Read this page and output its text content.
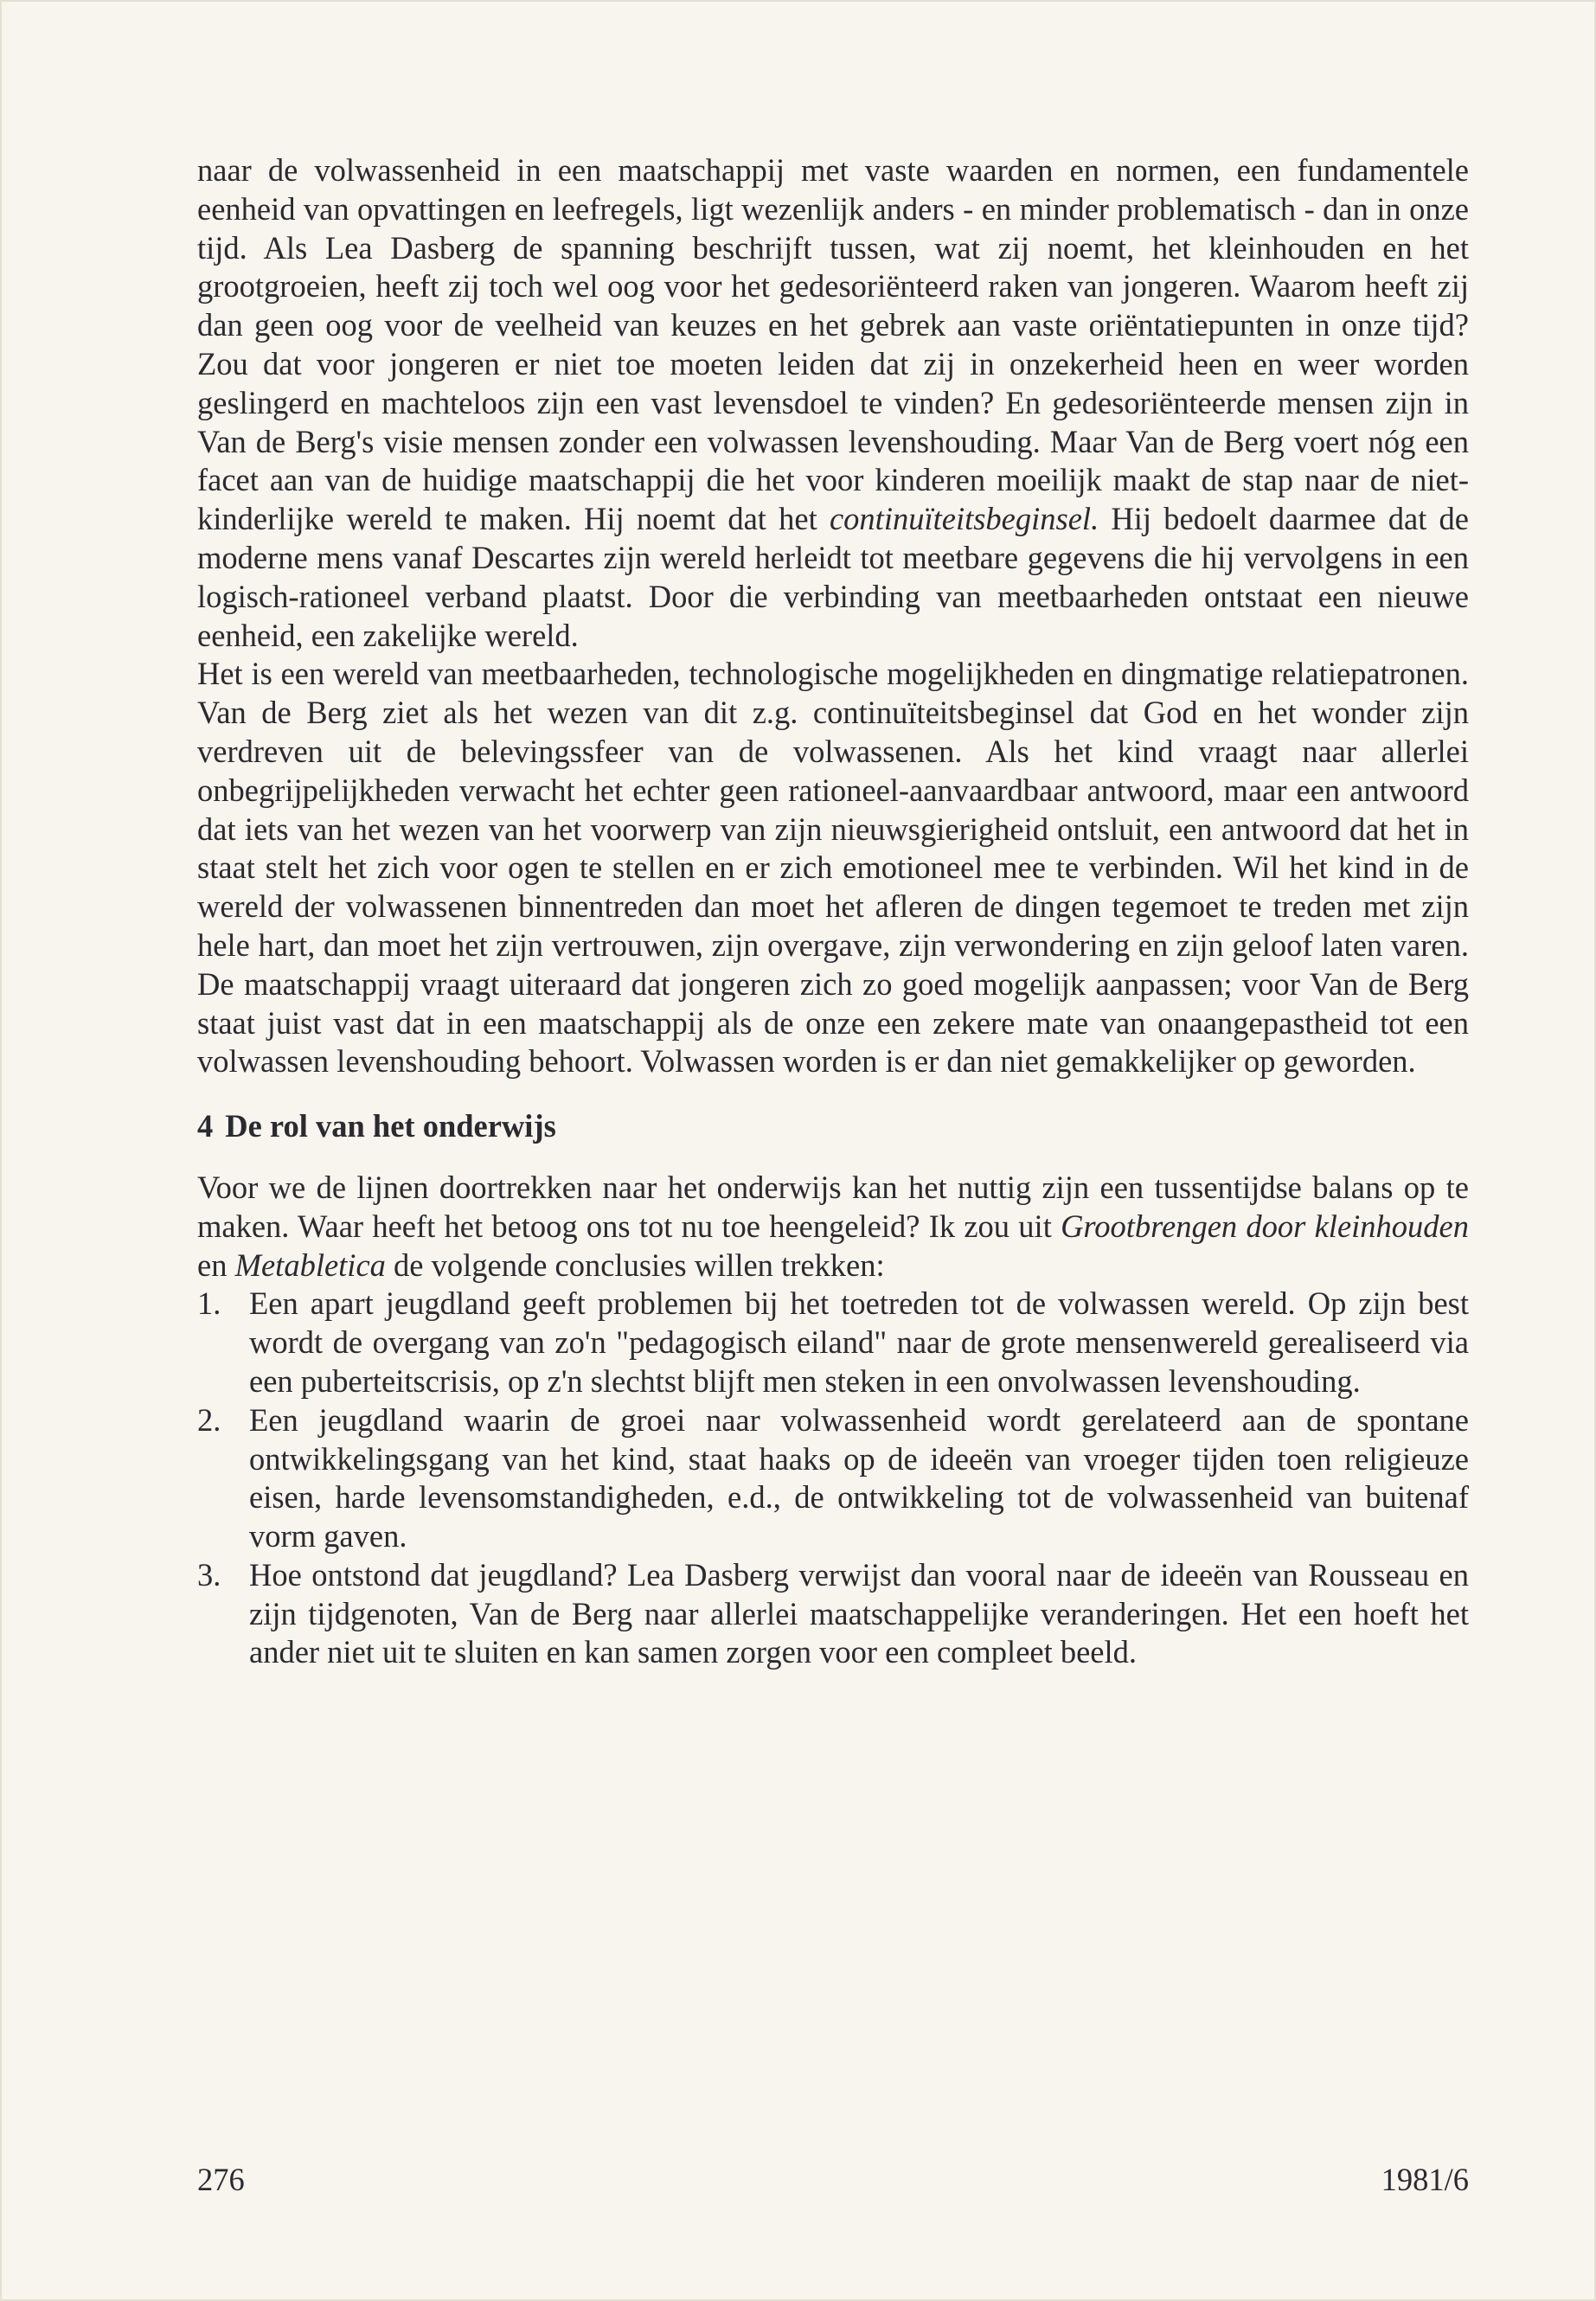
naar de volwassenheid in een maatschappij met vaste waarden en normen, een fundamentele eenheid van opvattingen en leefregels, ligt wezenlijk anders - en minder problematisch - dan in onze tijd. Als Lea Dasberg de spanning beschrijft tussen, wat zij noemt, het kleinhouden en het grootgroeien, heeft zij toch wel oog voor het gedesoriënteerd raken van jongeren. Waarom heeft zij dan geen oog voor de veelheid van keuzes en het gebrek aan vaste oriëntatiepunten in onze tijd? Zou dat voor jongeren er niet toe moeten leiden dat zij in onzekerheid heen en weer worden geslingerd en machteloos zijn een vast levensdoel te vinden? En gedesoriënteerde mensen zijn in Van de Berg's visie mensen zonder een volwassen levenshouding. Maar Van de Berg voert nóg een facet aan van de huidige maatschappij die het voor kinderen moeilijk maakt de stap naar de niet-kinderlijke wereld te maken. Hij noemt dat het continuïteitsbeginsel. Hij bedoelt daarmee dat de moderne mens vanaf Descartes zijn wereld herleidt tot meetbare gegevens die hij vervolgens in een logisch-rationeel verband plaatst. Door die verbinding van meetbaarheden ontstaat een nieuwe eenheid, een zakelijke wereld.

Het is een wereld van meetbaarheden, technologische mogelijkheden en dingmatige relatiepatronen. Van de Berg ziet als het wezen van dit z.g. continuïteitsbeginsel dat God en het wonder zijn verdreven uit de belevingssfeer van de volwassenen. Als het kind vraagt naar allerlei onbegrijpelijkheden verwacht het echter geen rationeel-aanvaardbaar antwoord, maar een antwoord dat iets van het wezen van het voorwerp van zijn nieuwsgierigheid ontsluit, een antwoord dat het in staat stelt het zich voor ogen te stellen en er zich emotioneel mee te verbinden. Wil het kind in de wereld der volwassenen binnentreden dan moet het afleren de dingen tegemoet te treden met zijn hele hart, dan moet het zijn vertrouwen, zijn overgave, zijn verwondering en zijn geloof laten varen. De maatschappij vraagt uiteraard dat jongeren zich zo goed mogelijk aanpassen; voor Van de Berg staat juist vast dat in een maatschappij als de onze een zekere mate van onaangepastheid tot een volwassen levenshouding behoort. Volwassen worden is er dan niet gemakkelijker op geworden.

4 De rol van het onderwijs

Voor we de lijnen doortrekken naar het onderwijs kan het nuttig zijn een tussentijdse balans op te maken. Waar heeft het betoog ons tot nu toe heengeleid? Ik zou uit Grootbrengen door kleinhouden en Metabletica de volgende conclusies willen trekken:

1. Een apart jeugdland geeft problemen bij het toetreden tot de volwassen wereld. Op zijn best wordt de overgang van zo'n "pedagogisch eiland" naar de grote mensenwereld gerealiseerd via een puberteitscrisis, op z'n slechtst blijft men steken in een onvolwassen levenshouding.
2. Een jeugdland waarin de groei naar volwassenheid wordt gerelateerd aan de spontane ontwikkelingsgang van het kind, staat haaks op de ideeën van vroeger tijden toen religieuze eisen, harde levensomstandigheden, e.d., de ontwikkeling tot de volwassenheid van buitenaf vorm gaven.
3. Hoe ontstond dat jeugdland? Lea Dasberg verwijst dan vooral naar de ideeën van Rousseau en zijn tijdgenoten, Van de Berg naar allerlei maatschappelijke veranderingen. Het een hoeft het ander niet uit te sluiten en kan samen zorgen voor een compleet beeld.
276	1981/6
